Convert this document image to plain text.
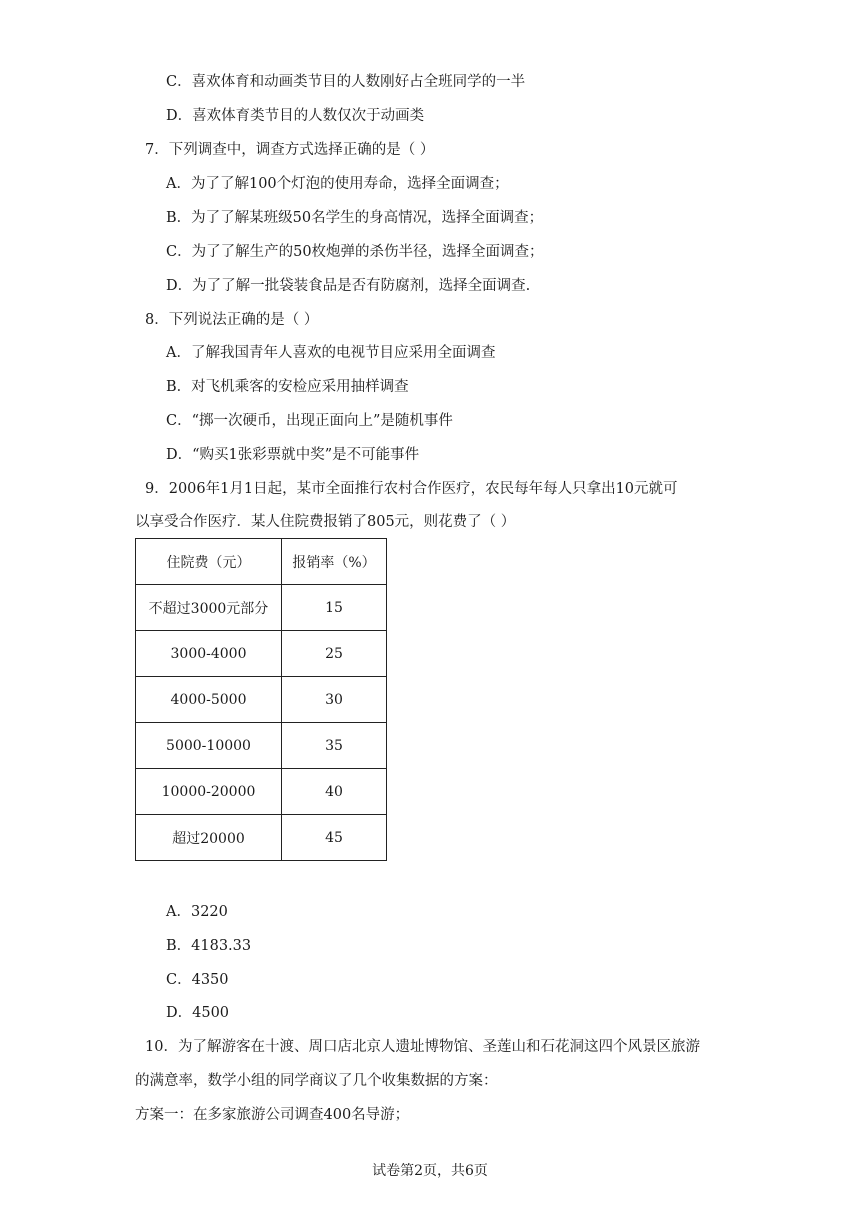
C．喜欢体育和动画类节目的人数刚好占全班同学的一半
D．喜欢体育类节目的人数仅次于动画类
7．下列调查中，调查方式选择正确的是（ ）
A．为了了解100个灯泡的使用寿命，选择全面调查；
B．为了了解某班级50名学生的身高情况，选择全面调查；
C．为了了解生产的50枚炮弹的杀伤半径，选择全面调查；
D．为了了解一批袋装食品是否有防腐剂，选择全面调查.
8．下列说法正确的是（ ）
A．了解我国青年人喜欢的电视节目应采用全面调查
B．对飞机乘客的安检应采用抽样调查
C．“掷一次硬币，出现正面向上”是随机事件
D．“购买1张彩票就中奖”是不可能事件
9．2006年1月1日起，某市全面推行农村合作医疗，农民每年每人只拿出10元就可
以享受合作医疗．某人住院费报销了805元，则花费了（ ）
住院费（元）	报销率（%）
不超过3000元部分	15
3000-4000	25
4000-5000	30
5000-10000	35
10000-20000	40
超过20000	45
A．3220
B．4183.33
C．4350
D．4500
10．为了解游客在十渡、周口店北京人遗址博物馆、圣莲山和石花洞这四个风景区旅游
的满意率，数学小组的同学商议了几个收集数据的方案：
方案一：在多家旅游公司调查400名导游；
试卷第2页，共6页
